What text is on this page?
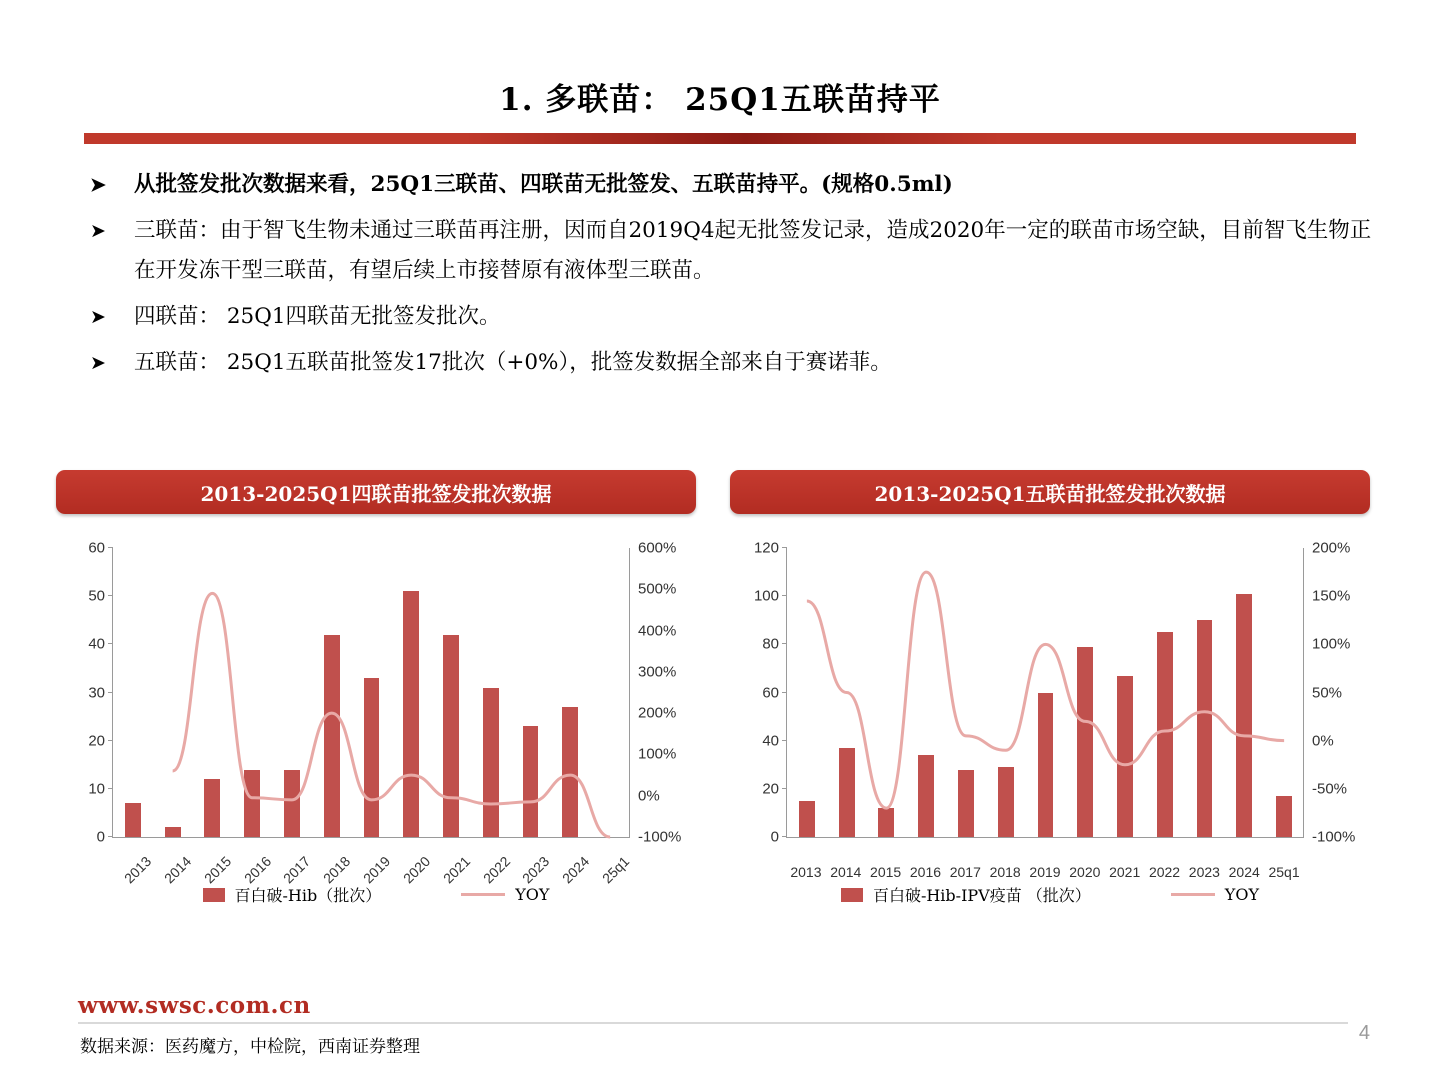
1. 多联苗： 25Q1五联苗持平
➤ 从批签发批次数据来看，25Q1三联苗、四联苗无批签发、五联苗持平。(规格0.5ml)
➤ 三联苗：由于智飞生物未通过三联苗再注册，因而自2019Q4起无批签发记录，造成2020年一定的联苗市场空缺，目前智飞生物正在开发冻干型三联苗，有望后续上市接替原有液体型三联苗。
➤ 四联苗： 25Q1四联苗无批签发批次。
➤ 五联苗： 25Q1五联苗批签发17批次（+0%），批签发数据全部来自于赛诺菲。
2013-2025Q1四联苗批签发批次数据
0
10
20
30
40
50
60
-100%
0%
100%
200%
300%
400%
500%
600%
2013 2014 2015 2016 2017 2018 2019 2020 2021 2022 2023 2024 25q1
百白破-Hib（批次）	YOY
2013-2025Q1五联苗批签发批次数据
0
20
40
60
80
100
120
-100%
-50%
0%
50%
100%
150%
200%
2013 2014 2015 2016 2017 2018 2019 2020 2021 2022 2023 2024 25q1
百白破-Hib-IPV疫苗 （批次）	YOY
www.swsc.com.cn
数据来源：医药魔方，中检院，西南证券整理
4
